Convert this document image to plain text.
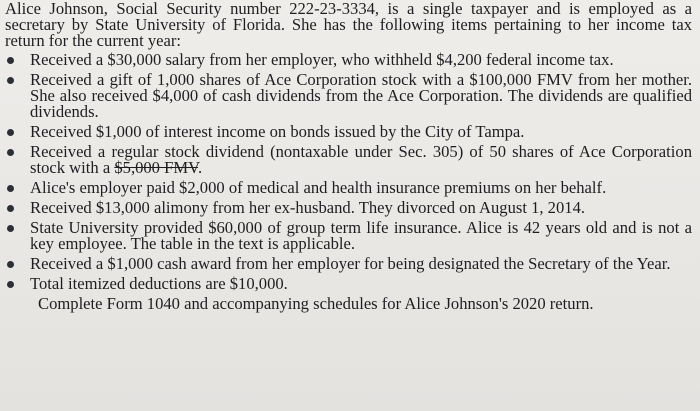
Alice Johnson, Social Security number 222-23-3334, is a single taxpayer and is employed as a secretary by State University of Florida. She has the following items pertaining to her income tax return for the current year:

Received a $30,000 salary from her employer, who withheld $4,200 federal income tax.
Received a gift of 1,000 shares of Ace Corporation stock with a $100,000 FMV from her mother. She also received $4,000 of cash dividends from the Ace Corporation. The dividends are qualified dividends.
Received $1,000 of interest income on bonds issued by the City of Tampa.
Received a regular stock dividend (nontaxable under Sec. 305) of 50 shares of Ace Corporation stock with a $5,000 FMV.
Alice's employer paid $2,000 of medical and health insurance premiums on her behalf.
Received $13,000 alimony from her ex-husband. They divorced on August 1, 2014.
State University provided $60,000 of group term life insurance. Alice is 42 years old and is not a key employee. The table in the text is applicable.
Received a $1,000 cash award from her employer for being designated the Secretary of the Year.
Total itemized deductions are $10,000.

Complete Form 1040 and accompanying schedules for Alice Johnson's 2020 return.
